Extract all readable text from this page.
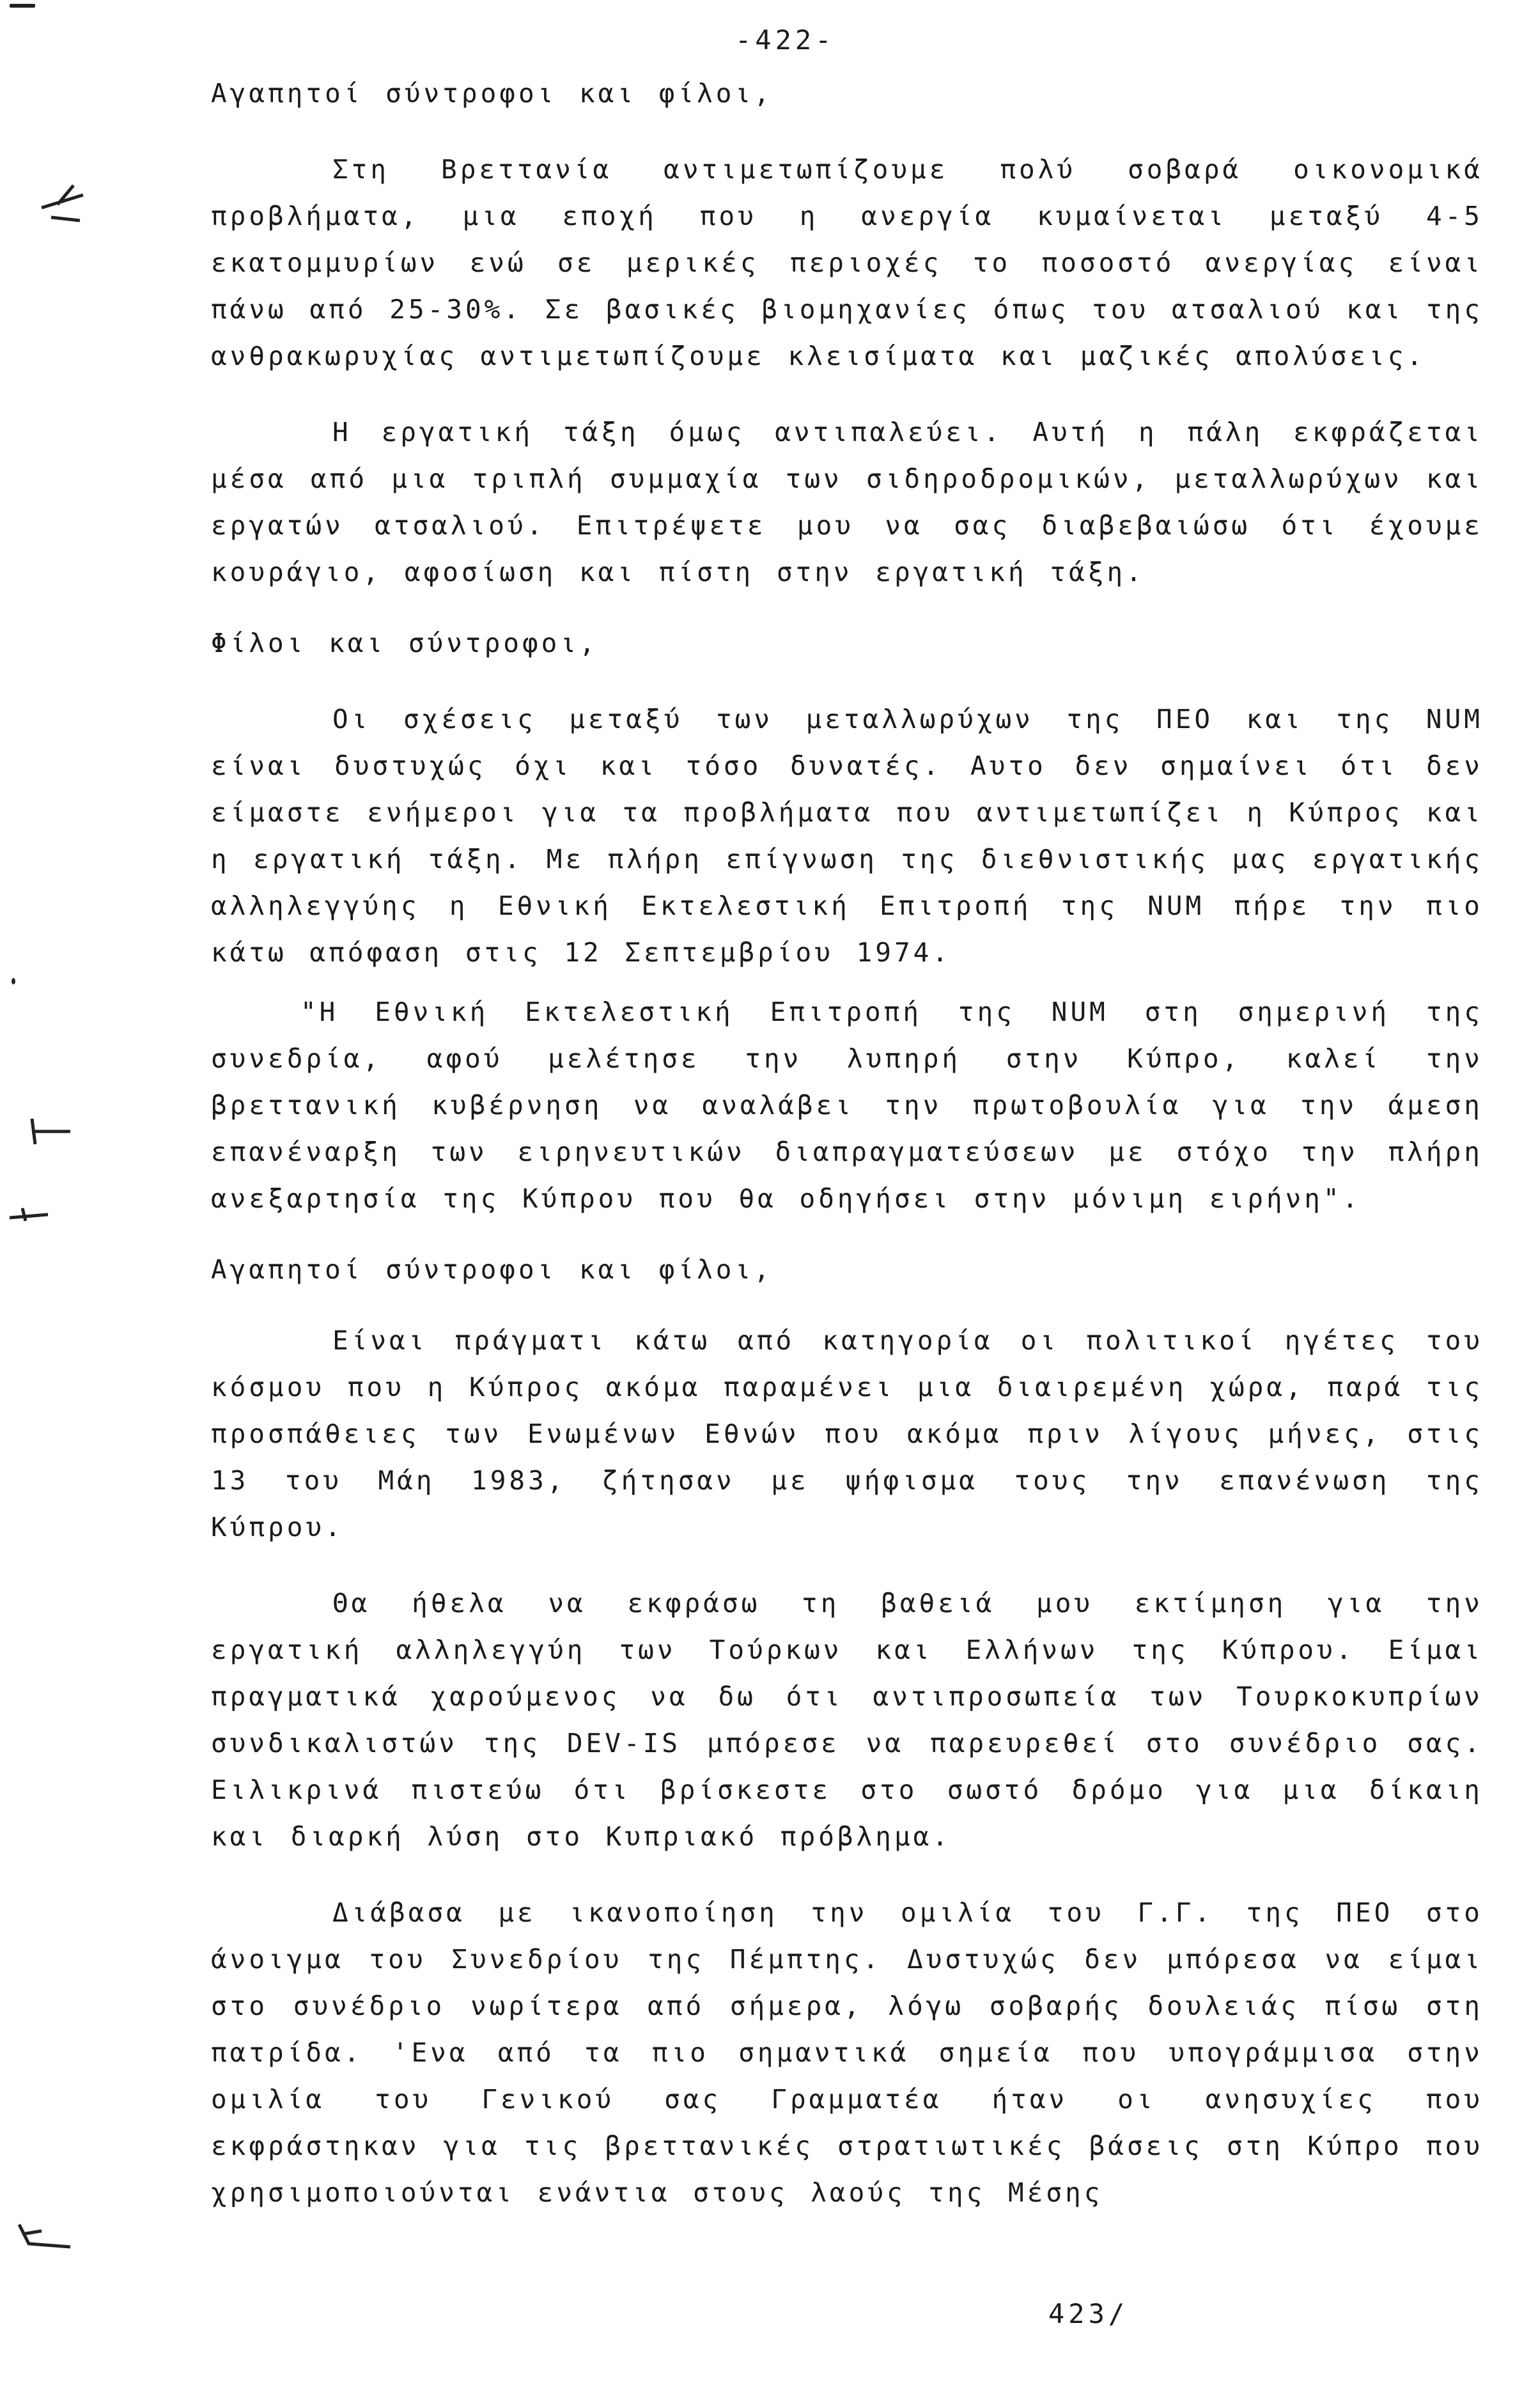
-422-

Αγαπητοί σύντροφοι και φίλοι,

Στη Βρεττανία αντιμετωπίζουμε πολύ σοβαρά οικονομικά προβλήματα, μια εποχή που η ανεργία κυμαίνεται μεταξύ 4-5 εκατομμυρίων ενώ σε μερικές περιοχές το ποσοστό ανεργίας είναι πάνω από 25-30%. Σε βασικές βιομηχανίες όπως του ατσαλιού και της ανθρακωρυχίας αντιμετωπίζουμε κλεισίματα και μαζικές απολύσεις.

Η εργατική τάξη όμως αντιπαλεύει. Αυτή η πάλη εκφράζεται μέσα από μια τριπλή συμμαχία των σιδηροδρομικών, μεταλλωρύχων και εργατών ατσαλιού. Επιτρέψετε μου να σας διαβεβαιώσω ότι έχουμε κουράγιο, αφοσίωση και πίστη στην εργατική τάξη.

Φίλοι και σύντροφοι,

Οι σχέσεις μεταξύ των μεταλλωρύχων της ΠΕΟ και της NUM είναι δυστυχώς όχι και τόσο δυνατές. Αυτο δεν σημαίνει ότι δεν είμαστε ενήμεροι για τα προβλήματα που αντιμετωπίζει η Κύπρος και η εργατική τάξη. Με πλήρη επίγνωση της διεθνιστικής μας εργατικής αλληλεγγύης η Εθνική Εκτελεστική Επιτροπή της NUM πήρε την πιο κάτω απόφαση στις 12 Σεπτεμβρίου 1974.

"Η Εθνική Εκτελεστική Επιτροπή της NUM στη σημερινή της συνεδρία, αφού μελέτησε την λυπηρή στην Κύπρο, καλεί την βρεττανική κυβέρνηση να αναλάβει την πρωτοβουλία για την άμεση επανέναρξη των ειρηνευτικών διαπραγματεύσεων με στόχο την πλήρη ανεξαρτησία της Κύπρου που θα οδηγήσει στην μόνιμη ειρήνη".

Αγαπητοί σύντροφοι και φίλοι,

Είναι πράγματι κάτω από κατηγορία οι πολιτικοί ηγέτες του κόσμου που η Κύπρος ακόμα παραμένει μια διαιρεμένη χώρα, παρά τις προσπάθειες των Ενωμένων Εθνών που ακόμα πριν λίγους μήνες, στις 13 του Μάη 1983, ζήτησαν με ψήφισμα τους την επανένωση της Κύπρου.

Θα ήθελα να εκφράσω τη βαθειά μου εκτίμηση για την εργατική αλληλεγγύη των Τούρκων και Ελλήνων της Κύπρου. Είμαι πραγματικά χαρούμενος να δω ότι αντιπροσωπεία των Τουρκοκυπρίων συνδικαλιστών της DEV-IS μπόρεσε να παρευρεθεί στο συνέδριο σας. Ειλικρινά πιστεύω ότι βρίσκεστε στο σωστό δρόμο για μια δίκαιη και διαρκή λύση στο Κυπριακό πρόβλημα.

Διάβασα με ικανοποίηση την ομιλία του Γ.Γ. της ΠΕΟ στο άνοιγμα του Συνεδρίου της Πέμπτης. Δυστυχώς δεν μπόρεσα να είμαι στο συνέδριο νωρίτερα από σήμερα, λόγω σοβαρής δουλειάς πίσω στη πατρίδα. 'Ενα από τα πιο σημαντικά σημεία που υπογράμμισα στην ομιλία του Γενικού σας Γραμματέα ήταν οι ανησυχίες που εκφράστηκαν για τις βρεττανικές στρατιωτικές βάσεις στη Κύπρο που χρησιμοποιούνται ενάντια στους λαούς της Μέσης

423/
